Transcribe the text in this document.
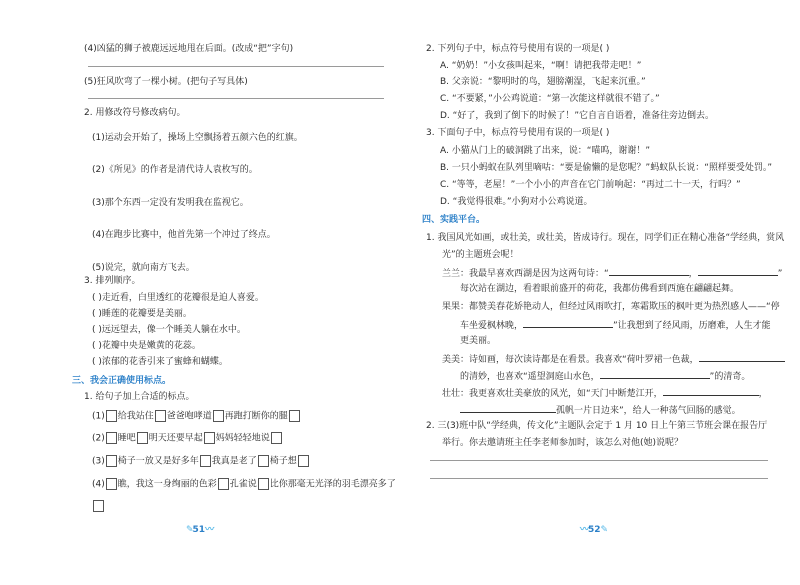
(4)凶猛的狮子被鹿远远地甩在后面。(改成“把”字句)
(5)狂风吹弯了一棵小树。(把句子写具体)
2. 用修改符号修改病句。
(1)运动会开始了，操场上空飘扬着五颜六色的红旗。
(2)《所见》的作者是清代诗人袁枚写的。
(3)那个东西一定没有发明我在监视它。
(4)在跑步比赛中，他首先第一个冲过了终点。
(5)说完，就向南方飞去。
3. 排列顺序。
( )走近看，白里透红的花瓣很是迫人喜爱。
( )睡莲的花瓣要是美丽。
( )远远望去，像一个睡美人躺在水中。
( )花瓣中央是嫩黄的花蕊。
( )浓郁的花香引来了蜜蜂和蝴蝶。
三、我会正确使用标点。
1. 给句子加上合适的标点。
(1) 给我站住 爸爸咆哮道 再跑打断你的腿
(2) 睡吧 明天还要早起 妈妈轻轻地说
(3) 椅子一放又是好多年 我真是老了 椅子想
(4) 瞧，我这一身绚丽的色彩 孔雀说 比你那毫无光泽的羽毛漂亮多了
✎51〰
2. 下列句子中，标点符号使用有误的一项是( )
A. “奶奶！”小女孩叫起来，“啊！请把我带走吧！”
B. 父亲说：“黎明时的鸟，翅膀潮湿，飞起来沉重。”
C. “不要紧，”小公鸡说道：“第一次能这样就很不错了。”
D. “好了，我到了倒下的时候了！”它自言自语着，准备往旁边倒去。
3. 下面句子中，标点符号使用有误的一项是( )
A. 小猫从门上的破洞跳了出来，说：“喵呜，谢谢！”
B. 一只小蚂蚁在队列里嘀咕：“要是偷懒的是您呢？”蚂蚁队长说：“照样要受处罚。”
C. “等等，老屋！”一个小小的声音在它门前响起：“再过二十一天，行吗？”
D. “我觉得很难。”小狗对小公鸡说道。
四、实践平台。
1. 我国风光如画，或壮美，或壮美，皆成诗行。现在，同学们正在精心准备“学经典，赏风
光”的主题班会呢！
兰兰：我最早喜欢西湖是因为这两句诗：“	，	”
每次站在湖边，看着眼前盛开的荷花，我都仿佛看到西施在翩翩起舞。
果果：都赞美春花娇艳动人，但经过风雨吹打，寒霜欺压的枫叶更为热烈感人——“停
车坐爱枫林晚，	”让我想到了经风雨，历磨难，人生才能
更美丽。
美美：诗如画，每次读诗都是在看景。我喜欢“荷叶罗裙一色裁，
的清妙，也喜欢“遥望洞庭山水色，	”的清奇。
壮壮：我更喜欢壮美豪放的风光，如“天门中断楚江开，	，
孤帆一片日边来”，给人一种荡气回肠的感觉。
2. 三(3)班中队“学经典，传文化”主题队会定于 1 月 10 日上午第三节班会课在报告厅
举行。你去邀请班主任李老师参加时，该怎么对他(她)说呢？
〰52✎
